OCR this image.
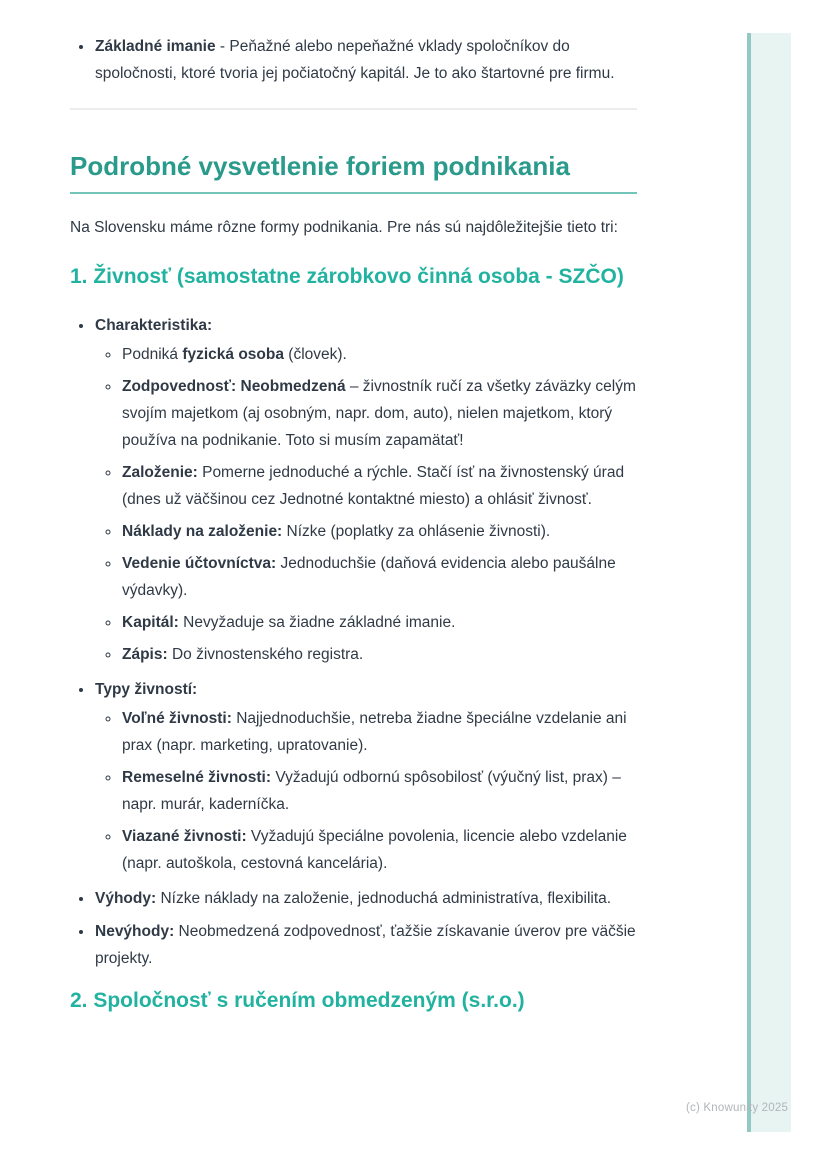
• Základné imanie - Peňažné alebo nepeňažné vklady spoločníkov do spoločnosti, ktoré tvoria jej počiatočný kapitál. Je to ako štartovné pre firmu.
Podrobné vysvetlenie foriem podnikania

Na Slovensku máme rôzne formy podnikania. Pre nás sú najdôležitejšie tieto tri:

1. Živnosť (samostatne zárobkovo činná osoba - SZČO)
• Charakteristika:
◦ Podniká fyzická osoba (človek).
◦ Zodpovednosť: Neobmedzená – živnostník ručí za všetky záväzky celým svojím majetkom (aj osobným, napr. dom, auto), nielen majetkom, ktorý používa na podnikanie. Toto si musím zapamätať!
◦ Založenie: Pomerne jednoduché a rýchle. Stačí ísť na živnostenský úrad (dnes už väčšinou cez Jednotné kontaktné miesto) a ohlásiť živnosť.
◦ Náklady na založenie: Nízke (poplatky za ohlásenie živnosti).
◦ Vedenie účtovníctva: Jednoduchšie (daňová evidencia alebo paušálne výdavky).
◦ Kapitál: Nevyžaduje sa žiadne základné imanie.
◦ Zápis: Do živnostenského registra.
• Typy živností:
◦ Voľné živnosti: Najjednoduchšie, netreba žiadne špeciálne vzdelanie ani prax (napr. marketing, upratovanie).
◦ Remeselné živnosti: Vyžadujú odbornú spôsobilosť (výučný list, prax) – napr. murár, kaderníčka.
◦ Viazané živnosti: Vyžadujú špeciálne povolenia, licencie alebo vzdelanie (napr. autoškola, cestovná kancelária).
• Výhody: Nízke náklady na založenie, jednoduchá administratíva, flexibilita.
• Nevýhody: Neobmedzená zodpovednosť, ťažšie získavanie úverov pre väčšie projekty.
2. Spoločnosť s ručením obmedzeným (s.r.o.)
(c) Knowunity 2025
